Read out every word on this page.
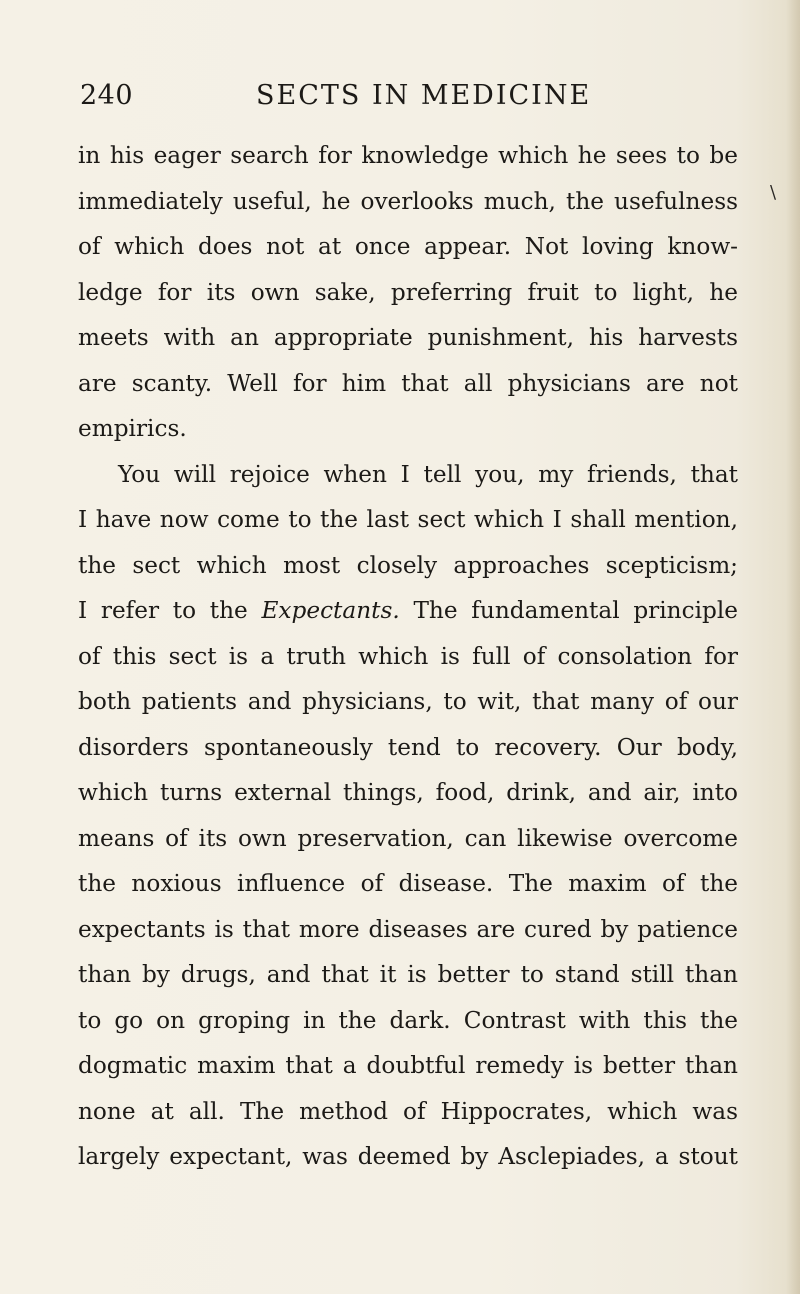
240	SECTS IN MEDICINE
\
in his eager search for knowledge which he sees to be
immediately useful, he overlooks much, the usefulness
of which does not at once appear. Not loving know-
ledge for its own sake, preferring fruit to light, he
meets with an appropriate punishment, his harvests
are scanty. Well for him that all physicians are not
empirics.
You will rejoice when I tell you, my friends, that
I have now come to the last sect which I shall mention,
the sect which most closely approaches scepticism;
I refer to the Expectants. The fundamental principle
of this sect is a truth which is full of consolation for
both patients and physicians, to wit, that many of our
disorders spontaneously tend to recovery. Our body,
which turns external things, food, drink, and air, into
means of its own preservation, can likewise overcome
the noxious influence of disease. The maxim of the
expectants is that more diseases are cured by patience
than by drugs, and that it is better to stand still than
to go on groping in the dark. Contrast with this the
dogmatic maxim that a doubtful remedy is better than
none at all. The method of Hippocrates, which was
largely expectant, was deemed by Asclepiades, a stout
